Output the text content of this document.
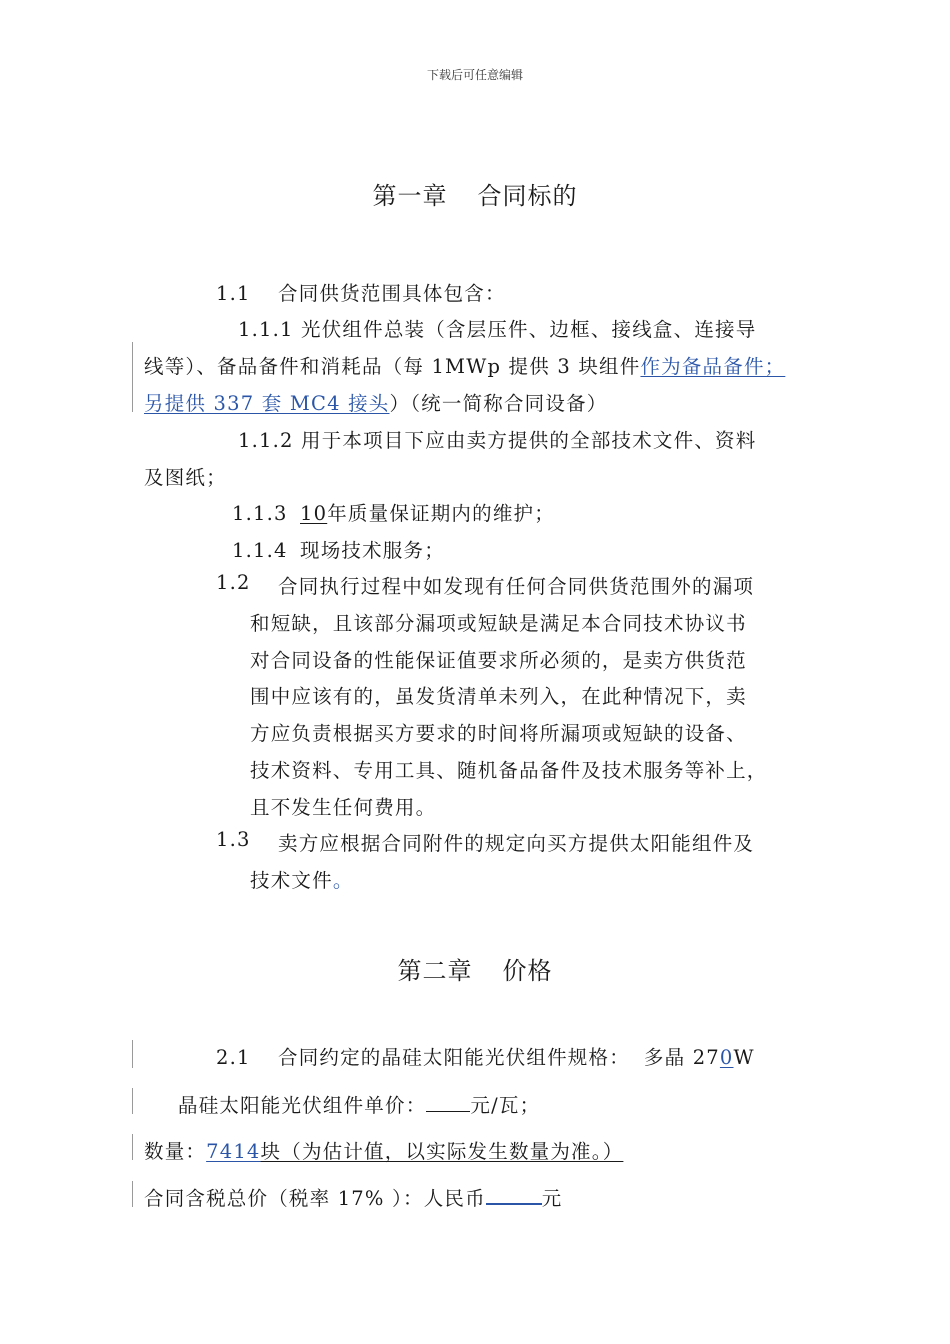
下载后可任意编辑
第一章 合同标的
1.1 合同供货范围具体包含：
1.1.1 光伏组件总装（含层压件、边框、接线盒、连接导
线等）、备品备件和消耗品（每 1MWp 提供 3 块组件作为备品备件；
另提供 337 套 MC4 接头）（统一简称合同设备）
1.1.2 用于本项目下应由卖方提供的全部技术文件、资料
及图纸；
1.1.3 10年质量保证期内的维护；
1.1.4 现场技术服务；
1.2 合同执行过程中如发现有任何合同供货范围外的漏项
和短缺，且该部分漏项或短缺是满足本合同技术协议书
对合同设备的性能保证值要求所必须的，是卖方供货范
围中应该有的，虽发货清单未列入，在此种情况下，卖
方应负责根据买方要求的时间将所漏项或短缺的设备、
技术资料、专用工具、随机备品备件及技术服务等补上，
且不发生任何费用。
1.3 卖方应根据合同附件的规定向买方提供太阳能组件及
技术文件。
第二章 价格
2.1 合同约定的晶硅太阳能光伏组件规格： 多晶 270W
晶硅太阳能光伏组件单价： 元/瓦；
数量：7414块（为估计值，以实际发生数量为准。）
合同含税总价（税率 17% ）：人民币	元
